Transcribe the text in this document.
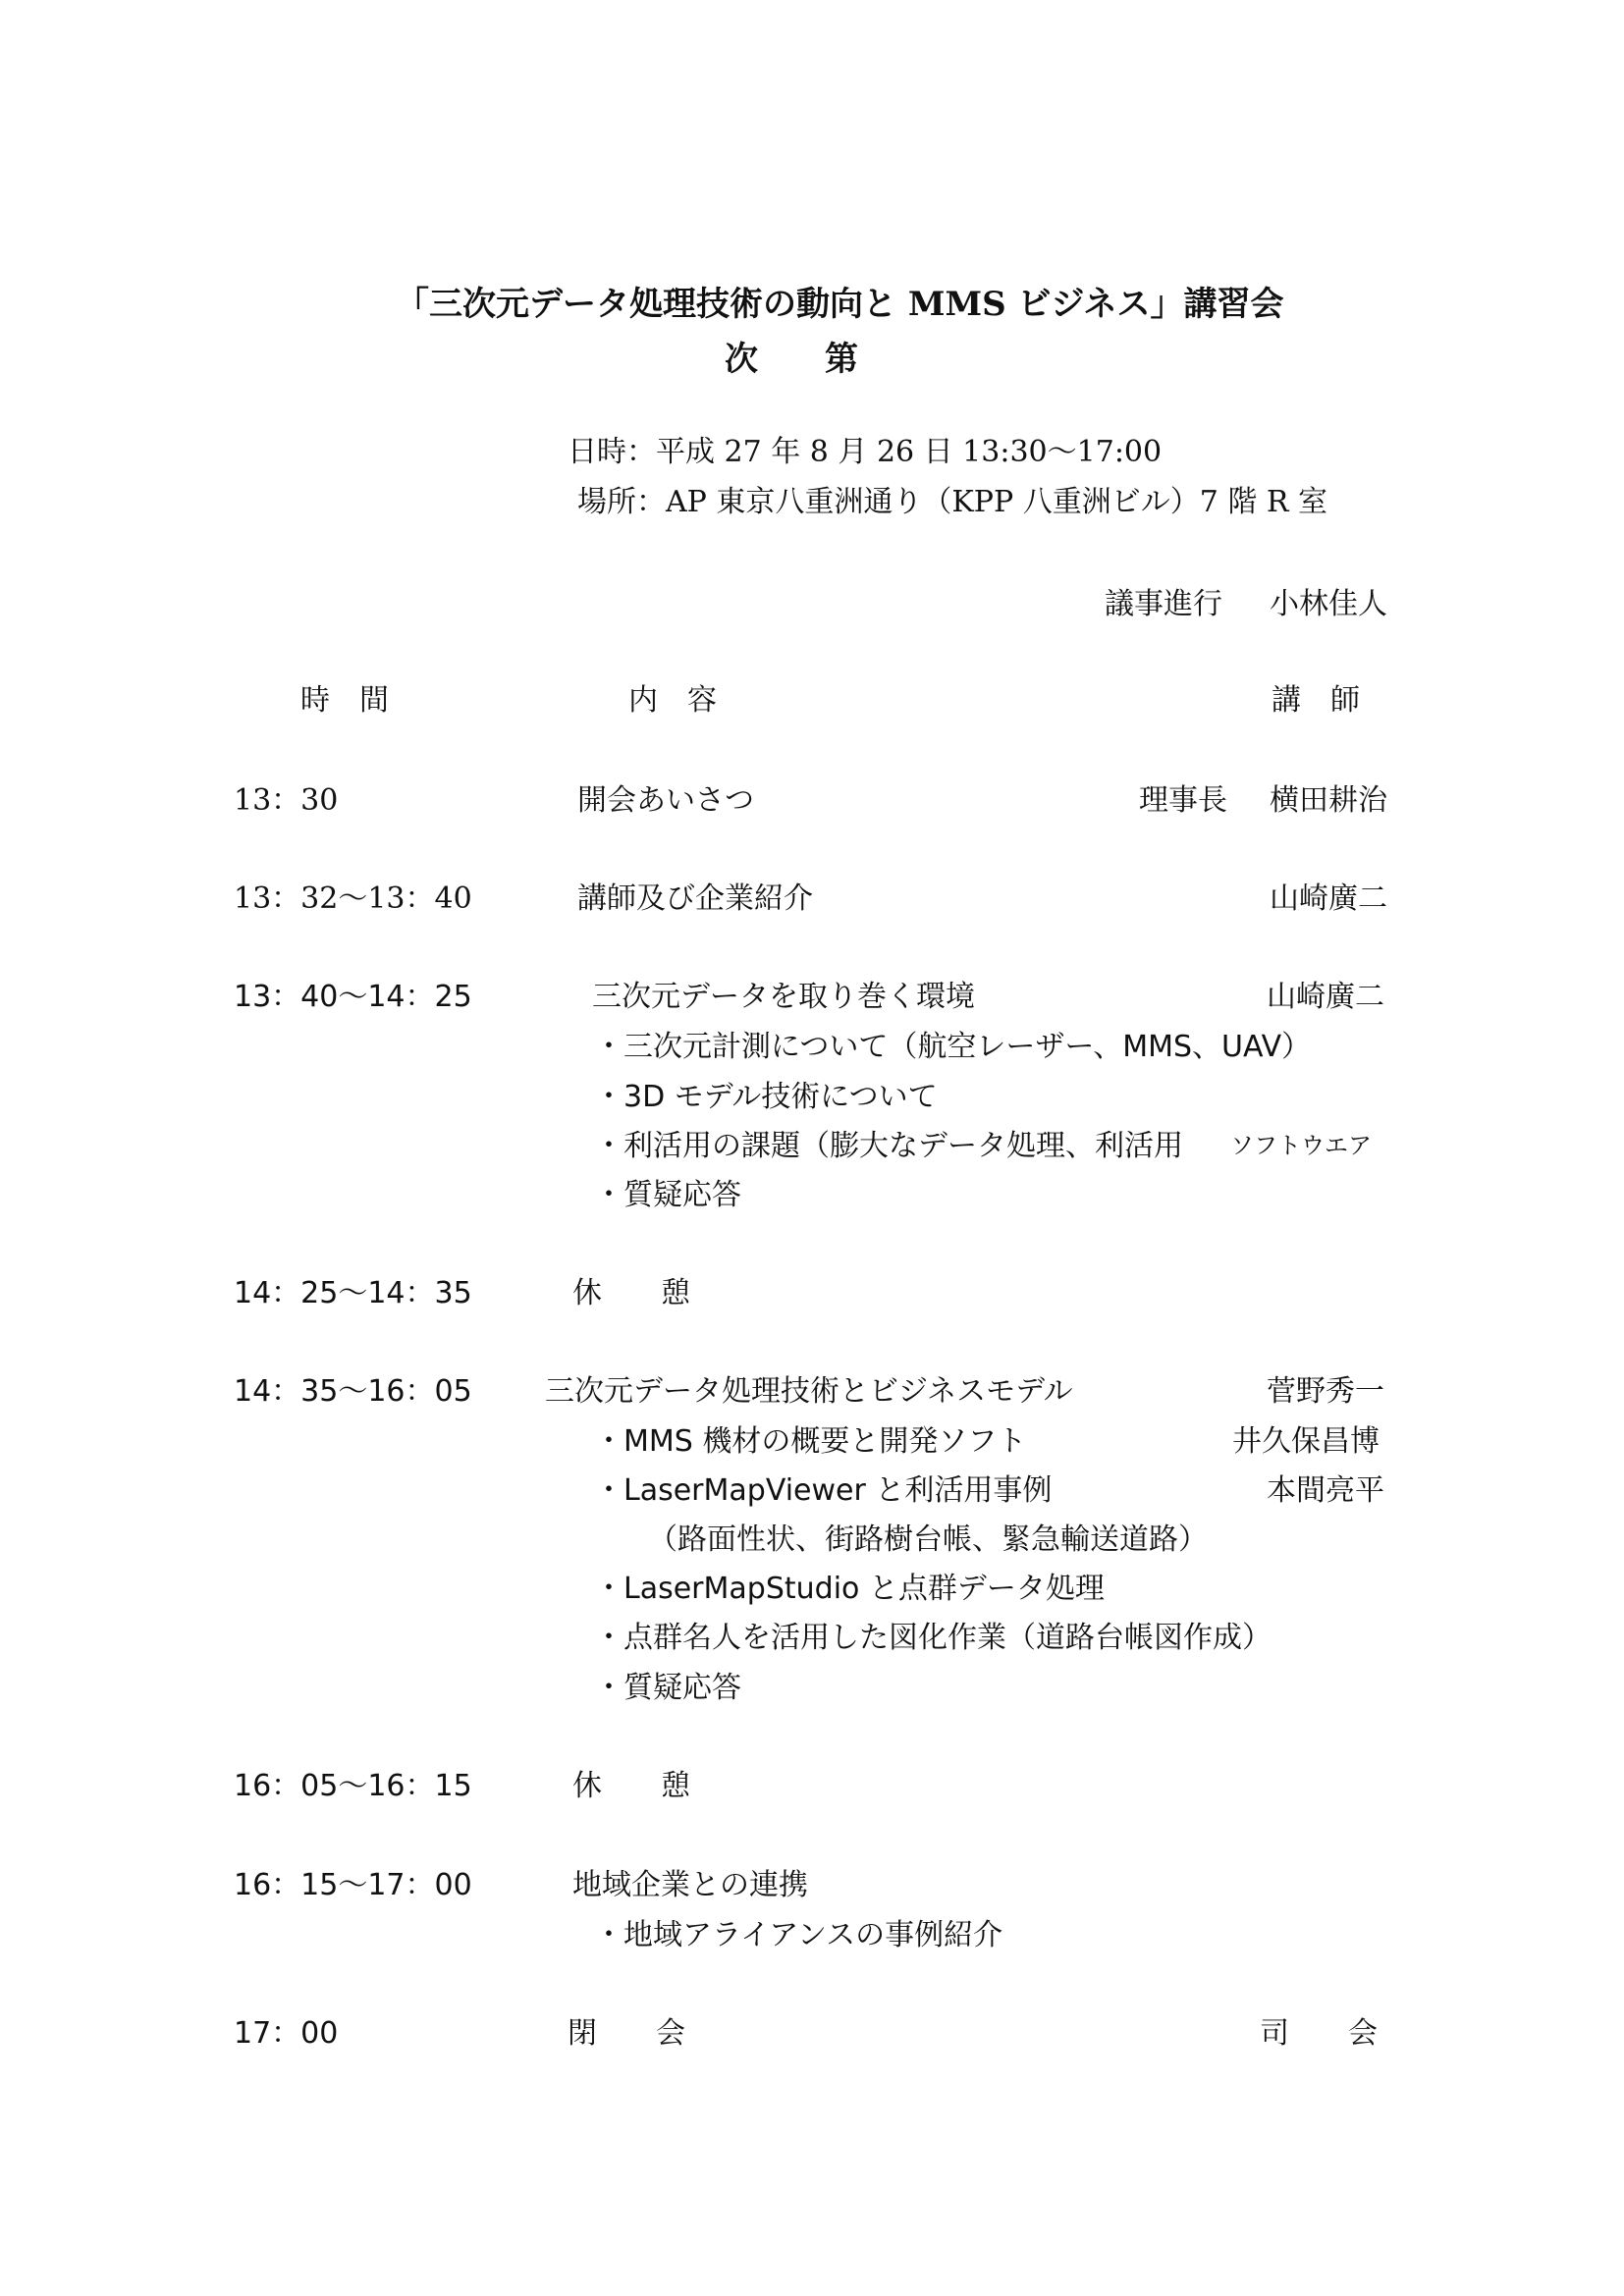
「三次元データ処理技術の動向と MMS ビジネス」講習会
次　　第
日時：平成 27 年 8 月 26 日 13:30～17:00
場所：AP 東京八重洲通り（KPP 八重洲ビル）7 階 R 室
議事進行 小林佳人
時　間	内　容	講　師
13：30	開会あいさつ	理事長 横田耕治
13：32～13：40	講師及び企業紹介	山崎廣二
13：40～14：25	三次元データを取り巻く環境	山崎廣二
・三次元計測について（航空レーザー、MMS、UAV）
・3D モデル技術について
・利活用の課題（膨大なデータ処理、利活用 ソフトウエア
・質疑応答
14：25～14：35	休　　憩
14：35～16：05 三次元データ処理技術とビジネスモデル	菅野秀一
・MMS 機材の概要と開発ソフト	井久保昌博
・LaserMapViewer と利活用事例	本間亮平
（路面性状、街路樹台帳、緊急輸送道路）
・LaserMapStudio と点群データ処理
・点群名人を活用した図化作業（道路台帳図作成）
・質疑応答
16：05～16：15	休　　憩
16：15～17：00	地域企業との連携
・地域アライアンスの事例紹介
17：00	閉　　会	司　　会
